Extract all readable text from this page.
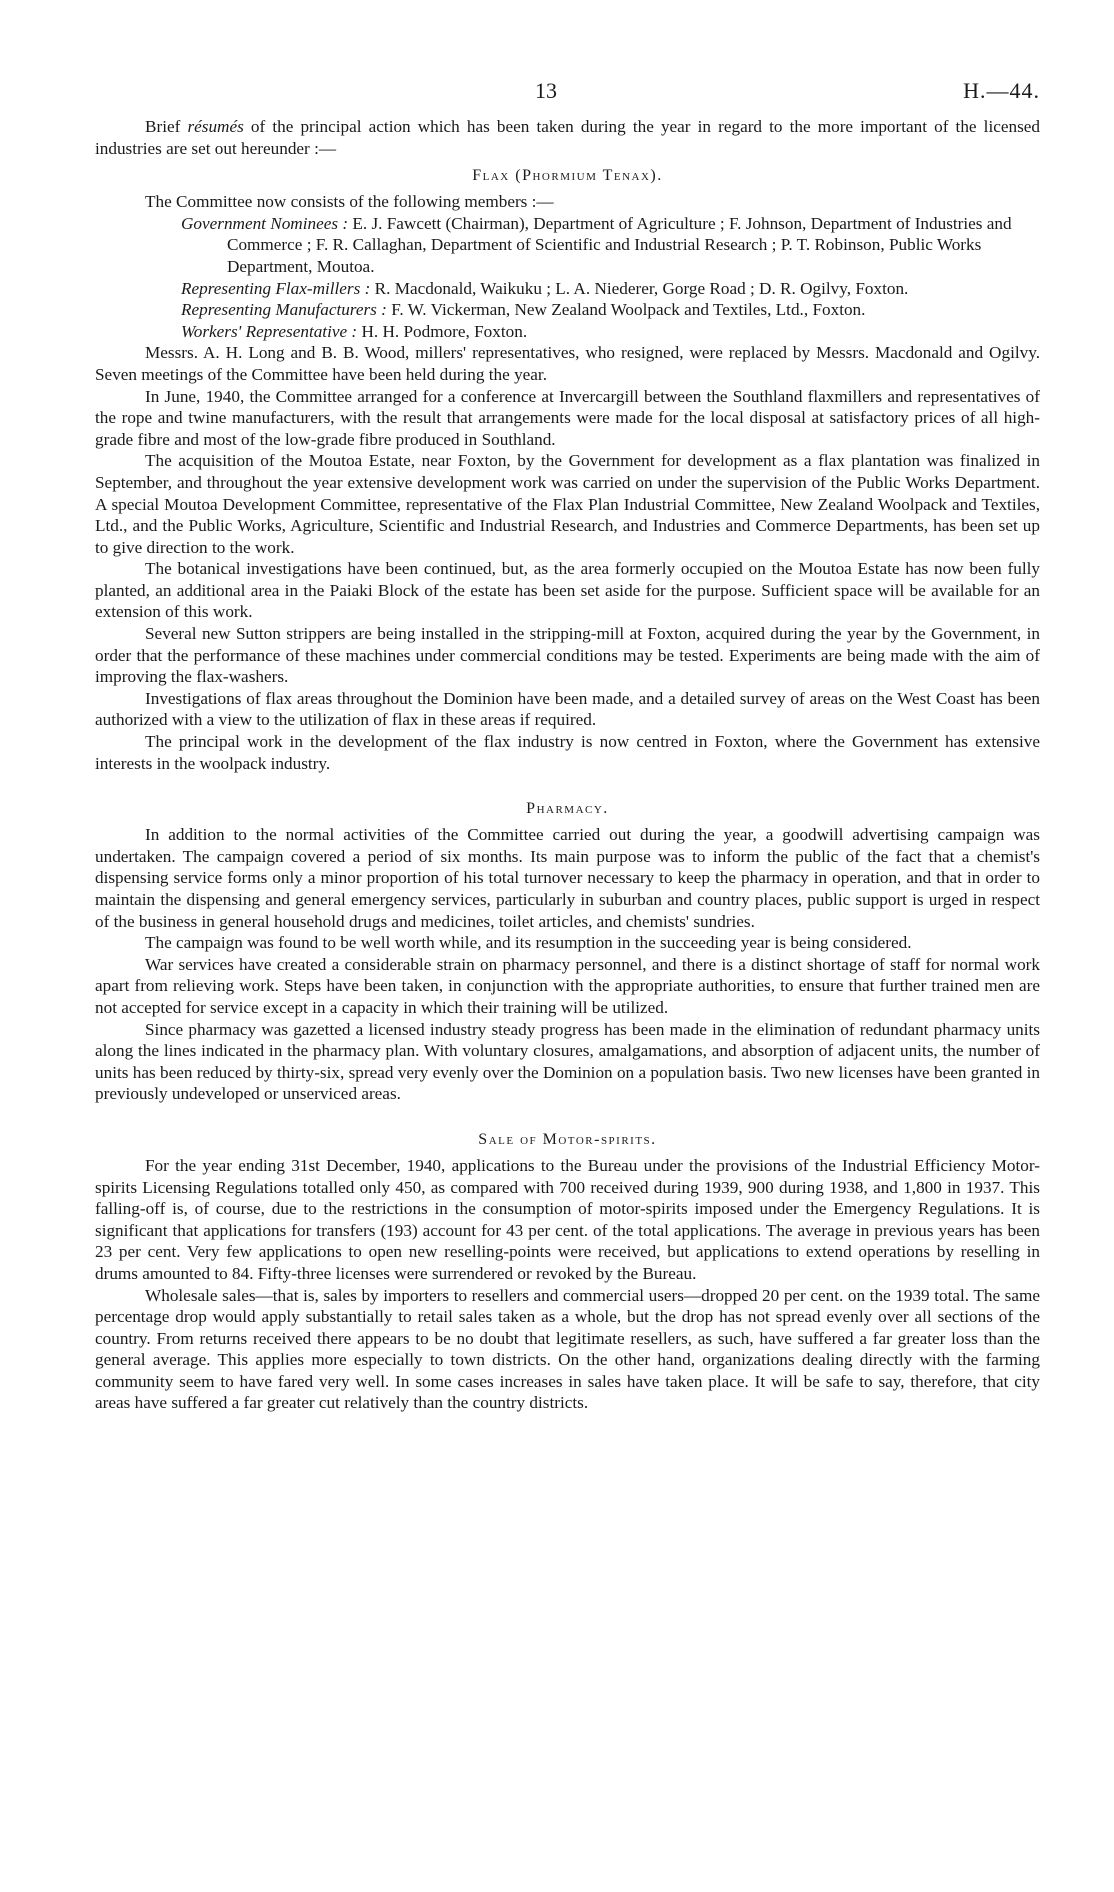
13	H.—44.

Brief résumés of the principal action which has been taken during the year in regard to the more important of the licensed industries are set out hereunder :—

Flax (Phormium Tenax).

The Committee now consists of the following members :—

Government Nominees : E. J. Fawcett (Chairman), Department of Agriculture ; F. Johnson, Department of Industries and Commerce ; F. R. Callaghan, Department of Scientific and Industrial Research ; P. T. Robinson, Public Works Department, Moutoa.

Representing Flax-millers : R. Macdonald, Waikuku ; L. A. Niederer, Gorge Road ; D. R. Ogilvy, Foxton.

Representing Manufacturers : F. W. Vickerman, New Zealand Woolpack and Textiles, Ltd., Foxton.

Workers' Representative : H. H. Podmore, Foxton.

Messrs. A. H. Long and B. B. Wood, millers' representatives, who resigned, were replaced by Messrs. Macdonald and Ogilvy. Seven meetings of the Committee have been held during the year.

In June, 1940, the Committee arranged for a conference at Invercargill between the Southland flaxmillers and representatives of the rope and twine manufacturers, with the result that arrangements were made for the local disposal at satisfactory prices of all high-grade fibre and most of the low-grade fibre produced in Southland.

The acquisition of the Moutoa Estate, near Foxton, by the Government for development as a flax plantation was finalized in September, and throughout the year extensive development work was carried on under the supervision of the Public Works Department. A special Moutoa Development Committee, representative of the Flax Plan Industrial Committee, New Zealand Woolpack and Textiles, Ltd., and the Public Works, Agriculture, Scientific and Industrial Research, and Industries and Commerce Departments, has been set up to give direction to the work.

The botanical investigations have been continued, but, as the area formerly occupied on the Moutoa Estate has now been fully planted, an additional area in the Paiaki Block of the estate has been set aside for the purpose. Sufficient space will be available for an extension of this work.

Several new Sutton strippers are being installed in the stripping-mill at Foxton, acquired during the year by the Government, in order that the performance of these machines under commercial conditions may be tested. Experiments are being made with the aim of improving the flax-washers.

Investigations of flax areas throughout the Dominion have been made, and a detailed survey of areas on the West Coast has been authorized with a view to the utilization of flax in these areas if required.

The principal work in the development of the flax industry is now centred in Foxton, where the Government has extensive interests in the woolpack industry.

Pharmacy.

In addition to the normal activities of the Committee carried out during the year, a goodwill advertising campaign was undertaken. The campaign covered a period of six months. Its main purpose was to inform the public of the fact that a chemist's dispensing service forms only a minor proportion of his total turnover necessary to keep the pharmacy in operation, and that in order to maintain the dispensing and general emergency services, particularly in suburban and country places, public support is urged in respect of the business in general household drugs and medicines, toilet articles, and chemists' sundries.

The campaign was found to be well worth while, and its resumption in the succeeding year is being considered.

War services have created a considerable strain on pharmacy personnel, and there is a distinct shortage of staff for normal work apart from relieving work. Steps have been taken, in conjunction with the appropriate authorities, to ensure that further trained men are not accepted for service except in a capacity in which their training will be utilized.

Since pharmacy was gazetted a licensed industry steady progress has been made in the elimination of redundant pharmacy units along the lines indicated in the pharmacy plan. With voluntary closures, amalgamations, and absorption of adjacent units, the number of units has been reduced by thirty-six, spread very evenly over the Dominion on a population basis. Two new licenses have been granted in previously undeveloped or unserviced areas.

Sale of Motor-spirits.

For the year ending 31st December, 1940, applications to the Bureau under the provisions of the Industrial Efficiency Motor-spirits Licensing Regulations totalled only 450, as compared with 700 received during 1939, 900 during 1938, and 1,800 in 1937. This falling-off is, of course, due to the restrictions in the consumption of motor-spirits imposed under the Emergency Regulations. It is significant that applications for transfers (193) account for 43 per cent. of the total applications. The average in previous years has been 23 per cent. Very few applications to open new reselling-points were received, but applications to extend operations by reselling in drums amounted to 84. Fifty-three licenses were surrendered or revoked by the Bureau.

Wholesale sales—that is, sales by importers to resellers and commercial users—dropped 20 per cent. on the 1939 total. The same percentage drop would apply substantially to retail sales taken as a whole, but the drop has not spread evenly over all sections of the country. From returns received there appears to be no doubt that legitimate resellers, as such, have suffered a far greater loss than the general average. This applies more especially to town districts. On the other hand, organizations dealing directly with the farming community seem to have fared very well. In some cases increases in sales have taken place. It will be safe to say, therefore, that city areas have suffered a far greater cut relatively than the country districts.
